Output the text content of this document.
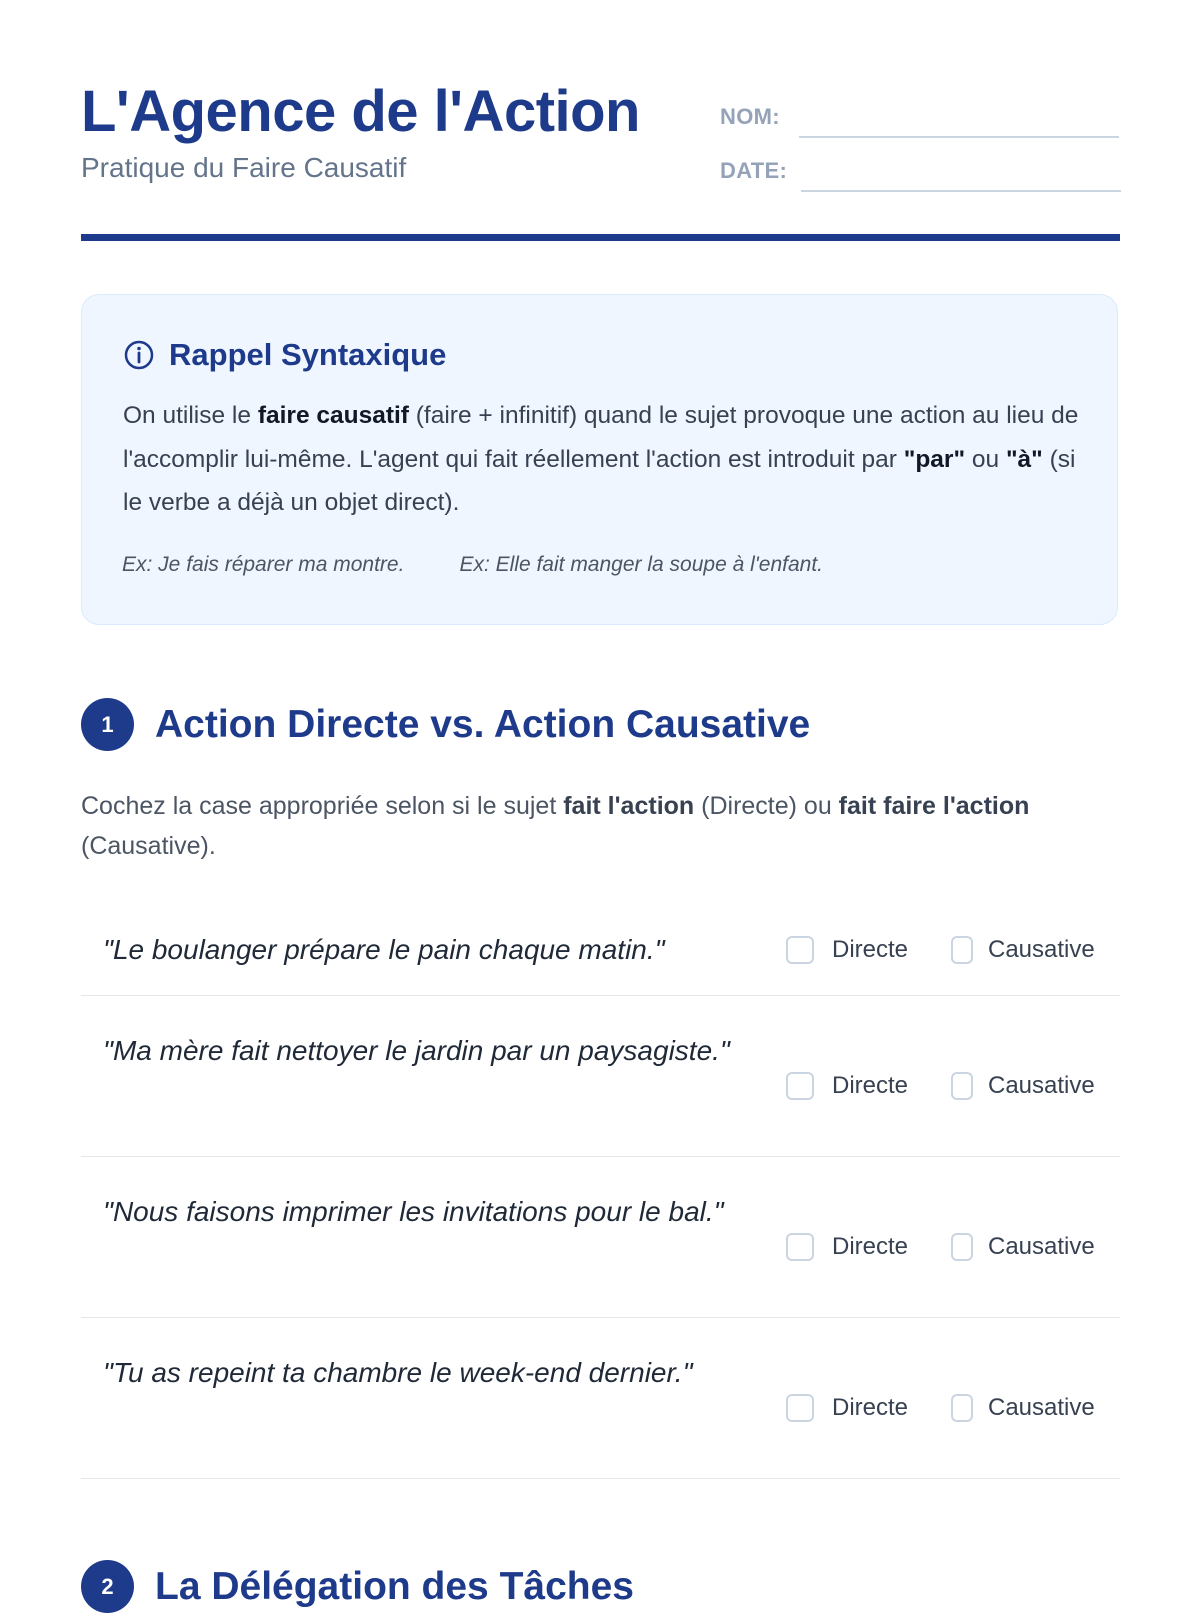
L'Agence de l'Action
Pratique du Faire Causatif
NOM:
DATE:
Rappel Syntaxique
On utilise le faire causatif (faire + infinitif) quand le sujet provoque une action au lieu de l'accomplir lui-même. L'agent qui fait réellement l'action est introduit par "par" ou "à" (si le verbe a déjà un objet direct).
Ex: Je fais réparer ma montre.	Ex: Elle fait manger la soupe à l'enfant.
1	Action Directe vs. Action Causative
Cochez la case appropriée selon si le sujet fait l'action (Directe) ou fait faire l'action (Causative).
"Le boulanger prépare le pain chaque matin."	Directe	Causative
"Ma mère fait nettoyer le jardin par un paysagiste."
Directe	Causative
"Nous faisons imprimer les invitations pour le bal."
Directe	Causative
"Tu as repeint ta chambre le week-end dernier."
Directe	Causative
2	La Délégation des Tâches
